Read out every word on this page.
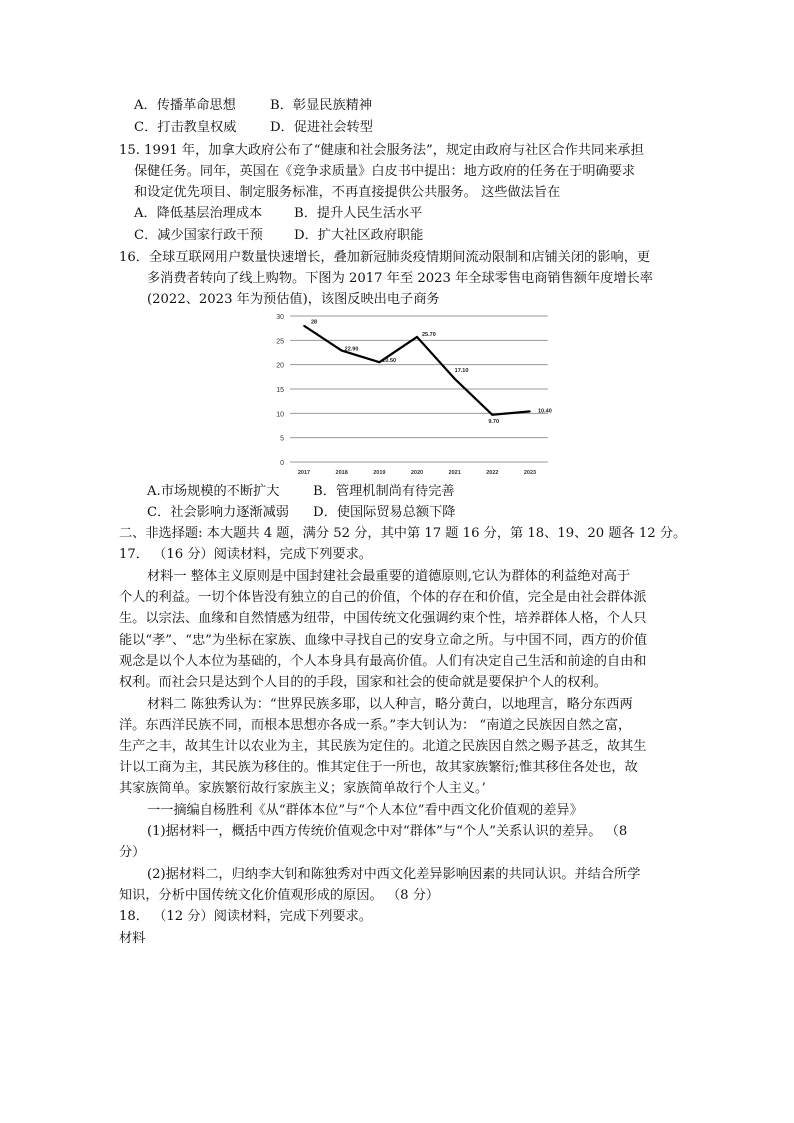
A．传播革命思想	B．彰显民族精神
C．打击教皇权威	D．促进社会转型
15. 1991 年，加拿大政府公布了“健康和社会服务法”，规定由政府与社区合作共同来承担
保健任务。同年，英国在《竞争求质量》白皮书中提出：地方政府的任务在于明确要求
和设定优先项目、制定服务标准，不再直接提供公共服务。 这些做法旨在
A．降低基层治理成本 B．提升人民生活水平
C．减少国家行政干预 D．扩大社区政府职能
16．全球互联网用户数量快速增长，叠加新冠肺炎疫情期间流动限制和店铺关闭的影响，更
多消费者转向了线上购物。下图为 2017 年至 2023 年全球零售电商销售额年度增长率
(2022、2023 年为预估值)，该图反映出电子商务
0
5
10
15
20
25
30
2017	2018	2019	2020	2021	2022	2023
28
22.90
20.50
25.70
17.10
9.70
10.40
A.市场规模的不断扩大	B．管理机制尚有待完善
C．社会影响力逐渐减弱 D．使国际贸易总额下降
二、非选择题: 本大题共 4 题，满分 52 分，其中第 17 题 16 分，第 18、19、20 题各 12 分。
17． （16 分）阅读材料，完成下列要求。
材料一 整体主义原则是中国封建社会最重要的道德原则,它认为群体的利益绝对高于
个人的利益。一切个体皆没有独立的自己的价值，个体的存在和价值，完全是由社会群体派
生。以宗法、血缘和自然情感为纽带，中国传统文化强调约束个性，培养群体人格，个人只
能以“孝”、“忠”为坐标在家族、血缘中寻找自己的安身立命之所。与中国不同，西方的价值
观念是以个人本位为基础的，个人本身具有最高价值。人们有决定自己生活和前途的自由和
权利。而社会只是达到个人目的的手段，国家和社会的使命就是要保护个人的权利。
材料二 陈独秀认为：“世界民族多耶，以人种言，略分黄白，以地理言，略分东西两
洋。东西洋民族不同，而根本思想亦各成一系。”李大钊认为： “南道之民族因自然之富，
生产之丰，故其生计以农业为主，其民族为定住的。北道之民族因自然之赐予甚乏，故其生
计以工商为主，其民族为移住的。惟其定住于一所也，故其家族繁衍;惟其移住各处也，故
其家族简单。家族繁衍故行家族主义；家族简单故行个人主义。’
一一摘编自杨胜利《从“群体本位”与“个人本位”看中西文化价值观的差异》
(1)据材料一，概括中西方传统价值观念中对“群体”与“个人”关系认识的差异。 （8
分）
(2)据材料二，归纳李大钊和陈独秀对中西文化差异影响因素的共同认识。并结合所学
知识，分析中国传统文化价值观形成的原因。 （8 分）
18． （12 分）阅读材料，完成下列要求。
材料
